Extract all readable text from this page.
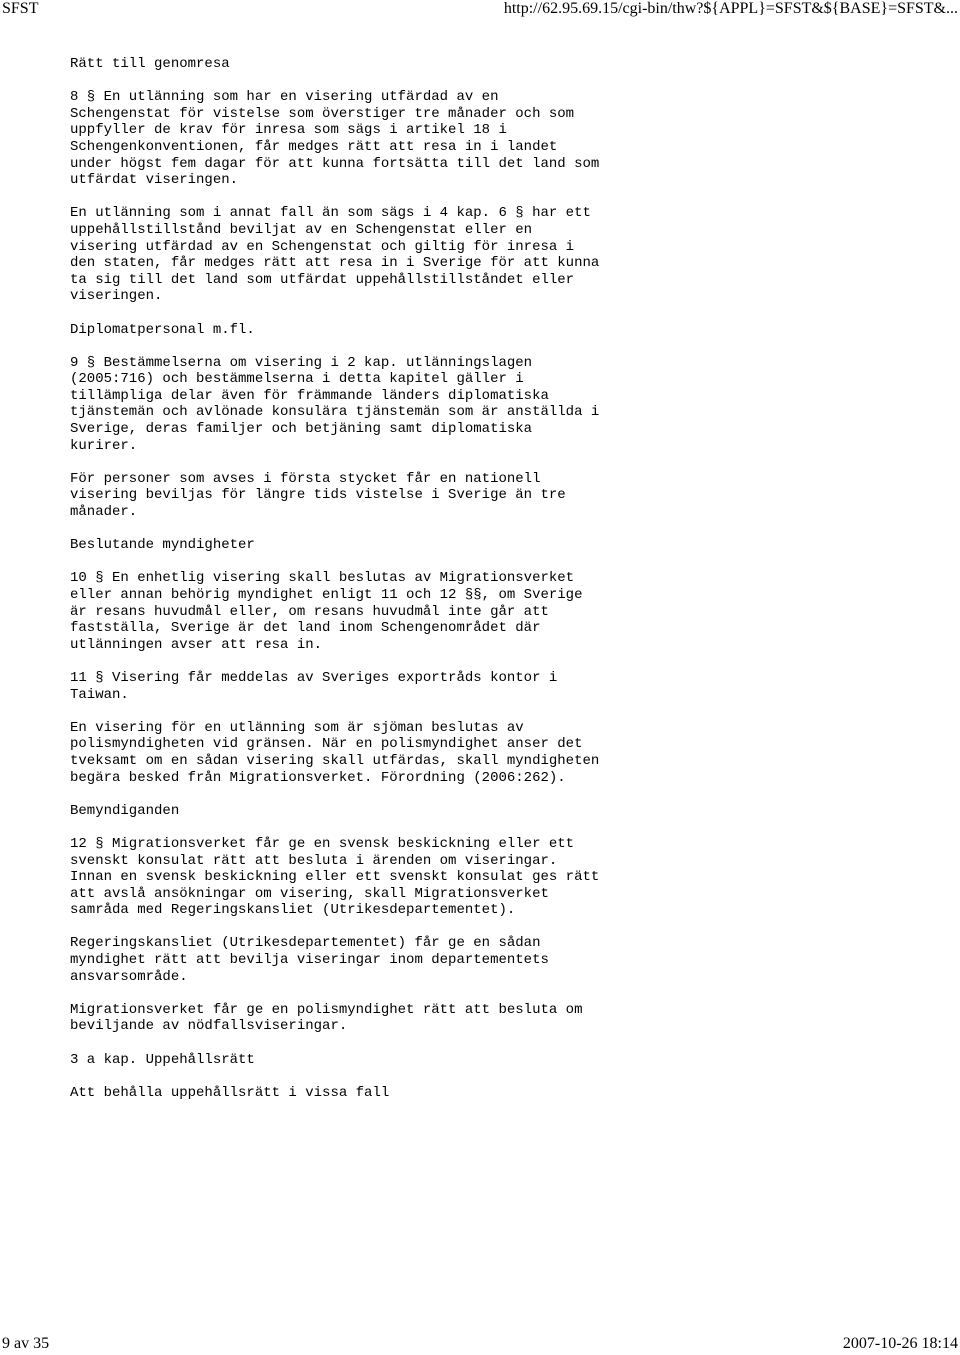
SFST	http://62.95.69.15/cgi-bin/thw?${APPL}=SFST&${BASE}=SFST&...

Rätt till genomresa

8 § En utlänning som har en visering utfärdad av en
Schengenstat för vistelse som överstiger tre månader och som
uppfyller de krav för inresa som sägs i artikel 18 i
Schengenkonventionen, får medges rätt att resa in i landet
under högst fem dagar för att kunna fortsätta till det land som
utfärdat viseringen.

En utlänning som i annat fall än som sägs i 4 kap. 6 § har ett
uppehållstillstånd beviljat av en Schengenstat eller en
visering utfärdad av en Schengenstat och giltig för inresa i
den staten, får medges rätt att resa in i Sverige för att kunna
ta sig till det land som utfärdat uppehållstillståndet eller
viseringen.

Diplomatpersonal m.fl.

9 § Bestämmelserna om visering i 2 kap. utlänningslagen
(2005:716) och bestämmelserna i detta kapitel gäller i
tillämpliga delar även för främmande länders diplomatiska
tjänstemän och avlönade konsulära tjänstemän som är anställda i
Sverige, deras familjer och betjäning samt diplomatiska
kurirer.

För personer som avses i första stycket får en nationell
visering beviljas för längre tids vistelse i Sverige än tre
månader.

Beslutande myndigheter

10 § En enhetlig visering skall beslutas av Migrationsverket
eller annan behörig myndighet enligt 11 och 12 §§, om Sverige
är resans huvudmål eller, om resans huvudmål inte går att
fastställa, Sverige är det land inom Schengenområdet där
utlänningen avser att resa in.

11 § Visering får meddelas av Sveriges exportråds kontor i
Taiwan.

En visering för en utlänning som är sjöman beslutas av
polismyndigheten vid gränsen. När en polismyndighet anser det
tveksamt om en sådan visering skall utfärdas, skall myndigheten
begära besked från Migrationsverket. Förordning (2006:262).

Bemyndiganden

12 § Migrationsverket får ge en svensk beskickning eller ett
svenskt konsulat rätt att besluta i ärenden om viseringar.
Innan en svensk beskickning eller ett svenskt konsulat ges rätt
att avslå ansökningar om visering, skall Migrationsverket
samråda med Regeringskansliet (Utrikesdepartementet).

Regeringskansliet (Utrikesdepartementet) får ge en sådan
myndighet rätt att bevilja viseringar inom departementets
ansvarsområde.

Migrationsverket får ge en polismyndighet rätt att besluta om
beviljande av nödfallsviseringar.

3 a kap. Uppehållsrätt

Att behålla uppehållsrätt i vissa fall

9 av 35	2007-10-26 18:14
